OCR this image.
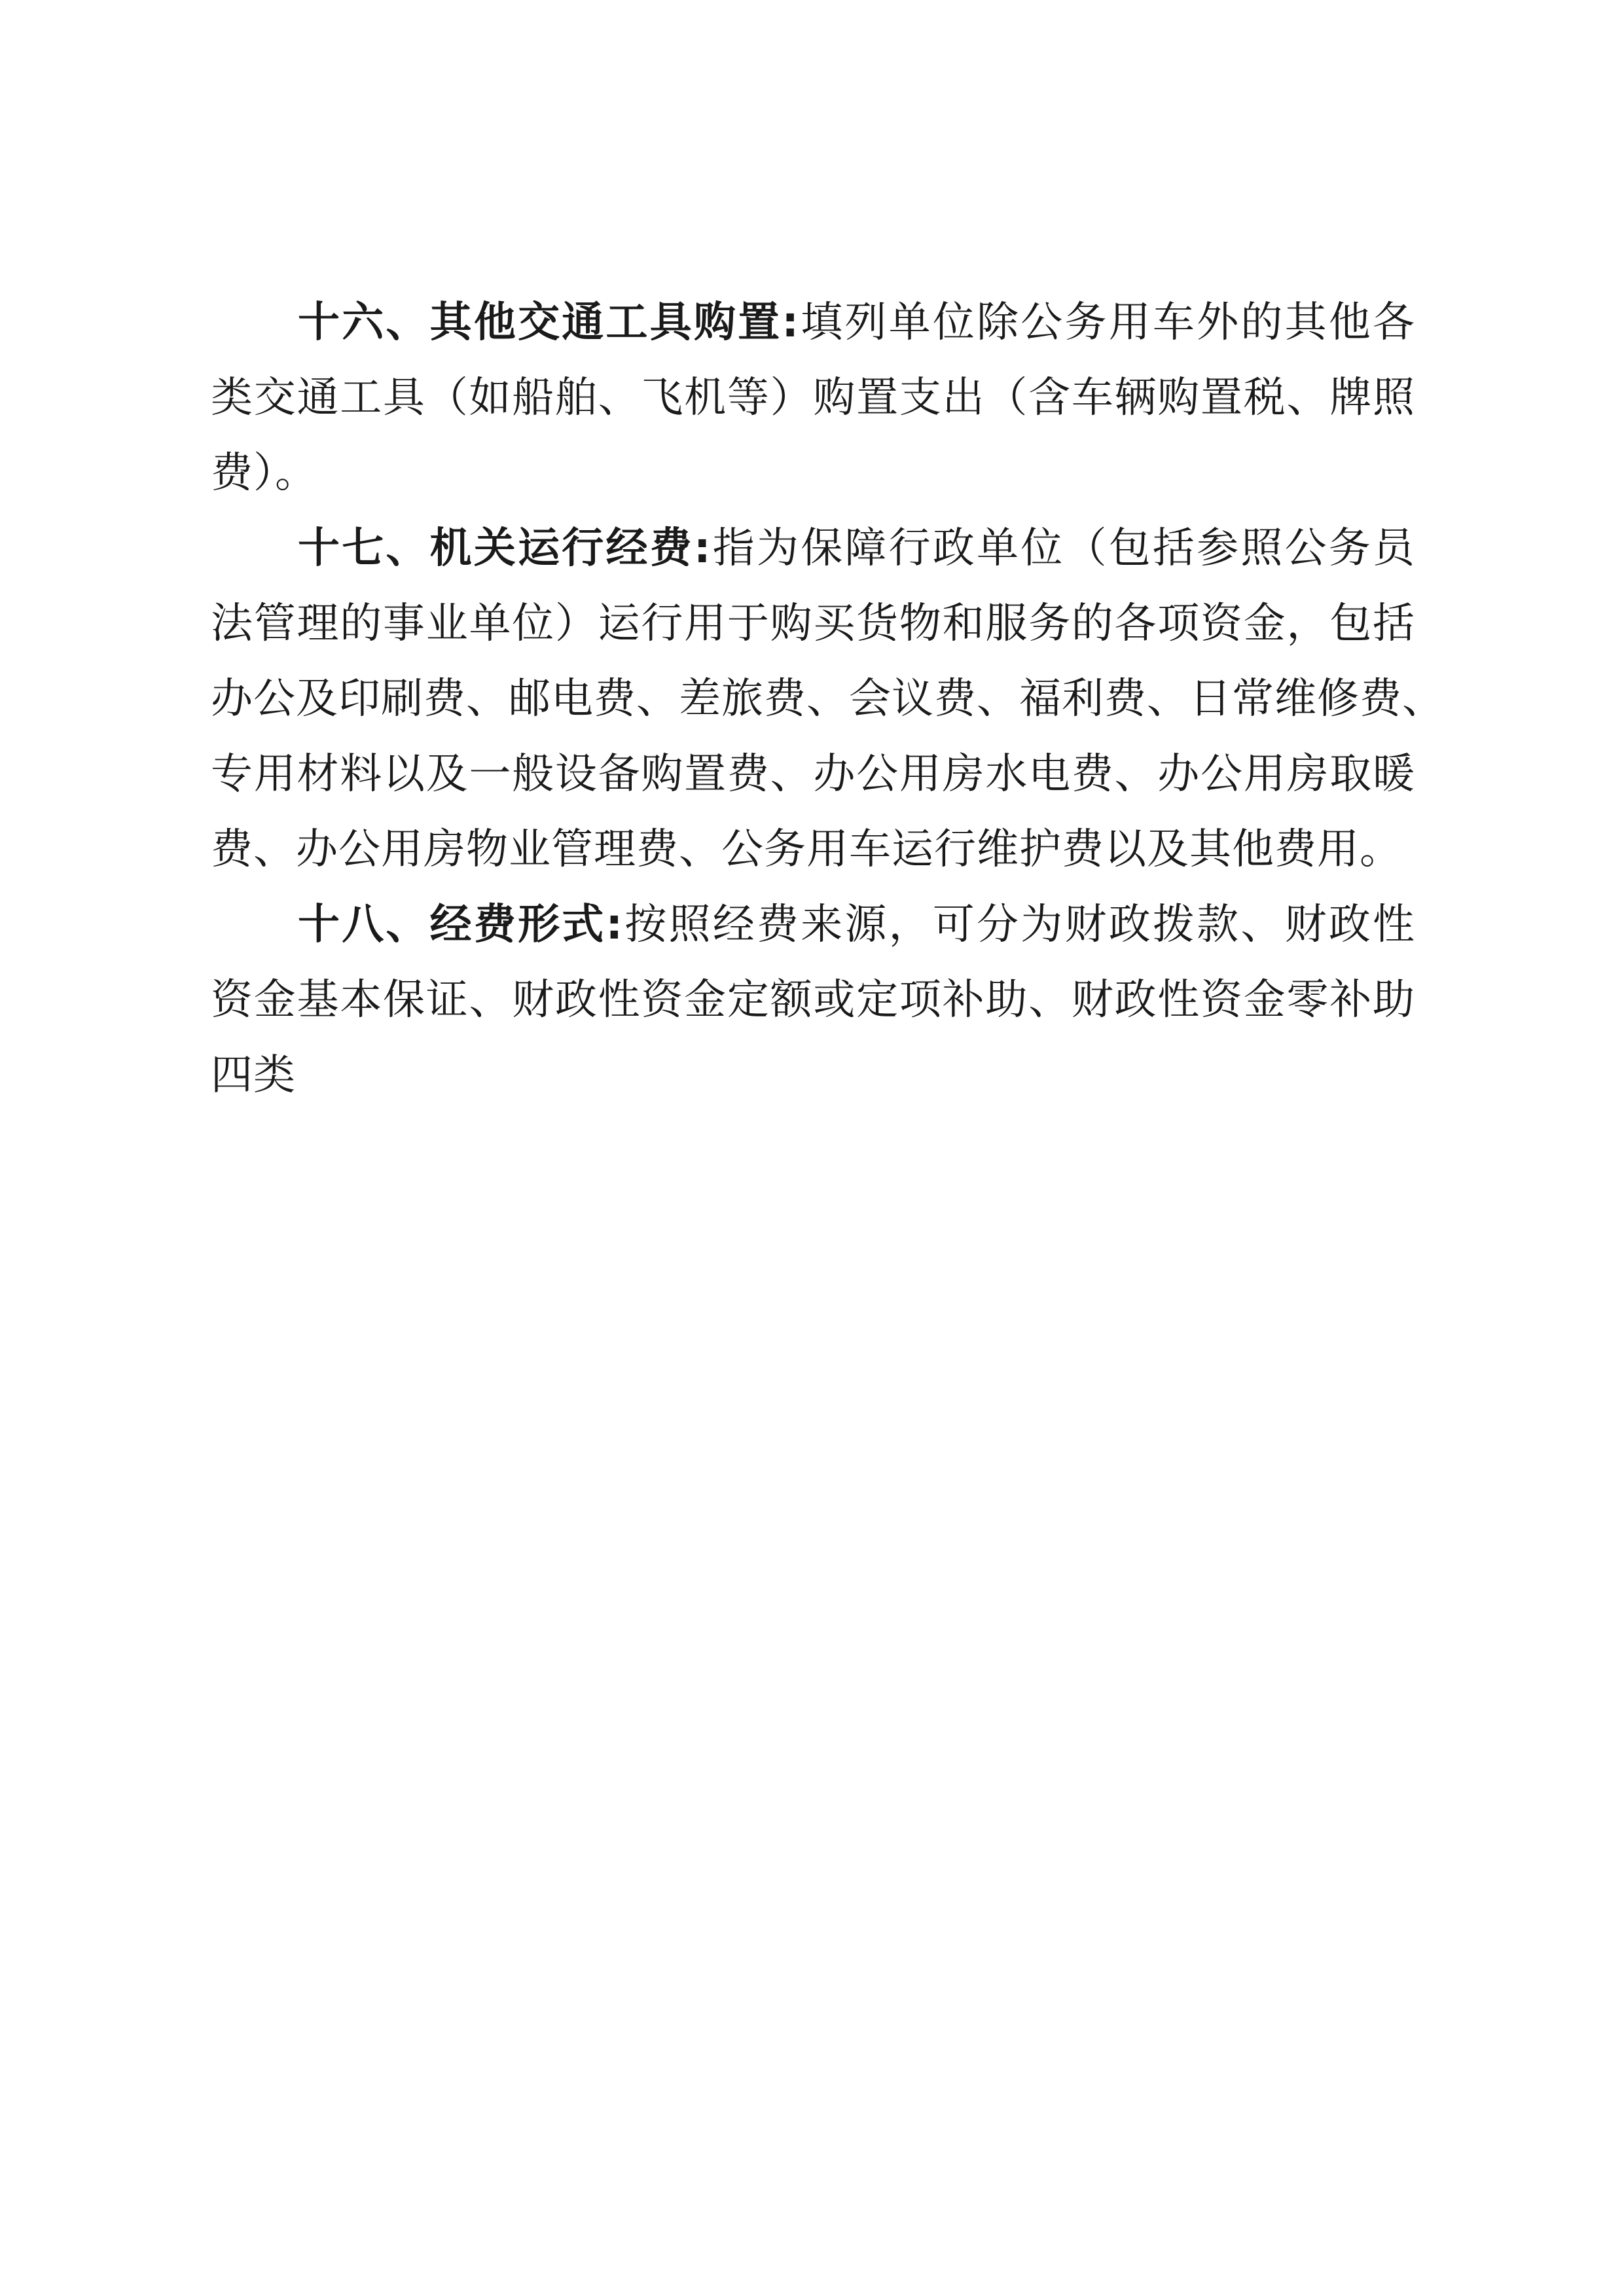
十六、其他交通工具购置:填列单位除公务用车外的其他各
类交通工具（如船舶、飞机等）购置支出（含车辆购置税、牌照
费）。
十七、机关运行经费:指为保障行政单位（包括参照公务员
法管理的事业单位）运行用于购买货物和服务的各项资金，包括
办公及印刷费、邮电费、差旅费、会议费、福利费、日常维修费、
专用材料以及一般设备购置费、办公用房水电费、办公用房取暖
费、办公用房物业管理费、公务用车运行维护费以及其他费用。
十八、经费形式:按照经费来源，可分为财政拨款、财政性
资金基本保证、财政性资金定额或定项补助、财政性资金零补助
四类
